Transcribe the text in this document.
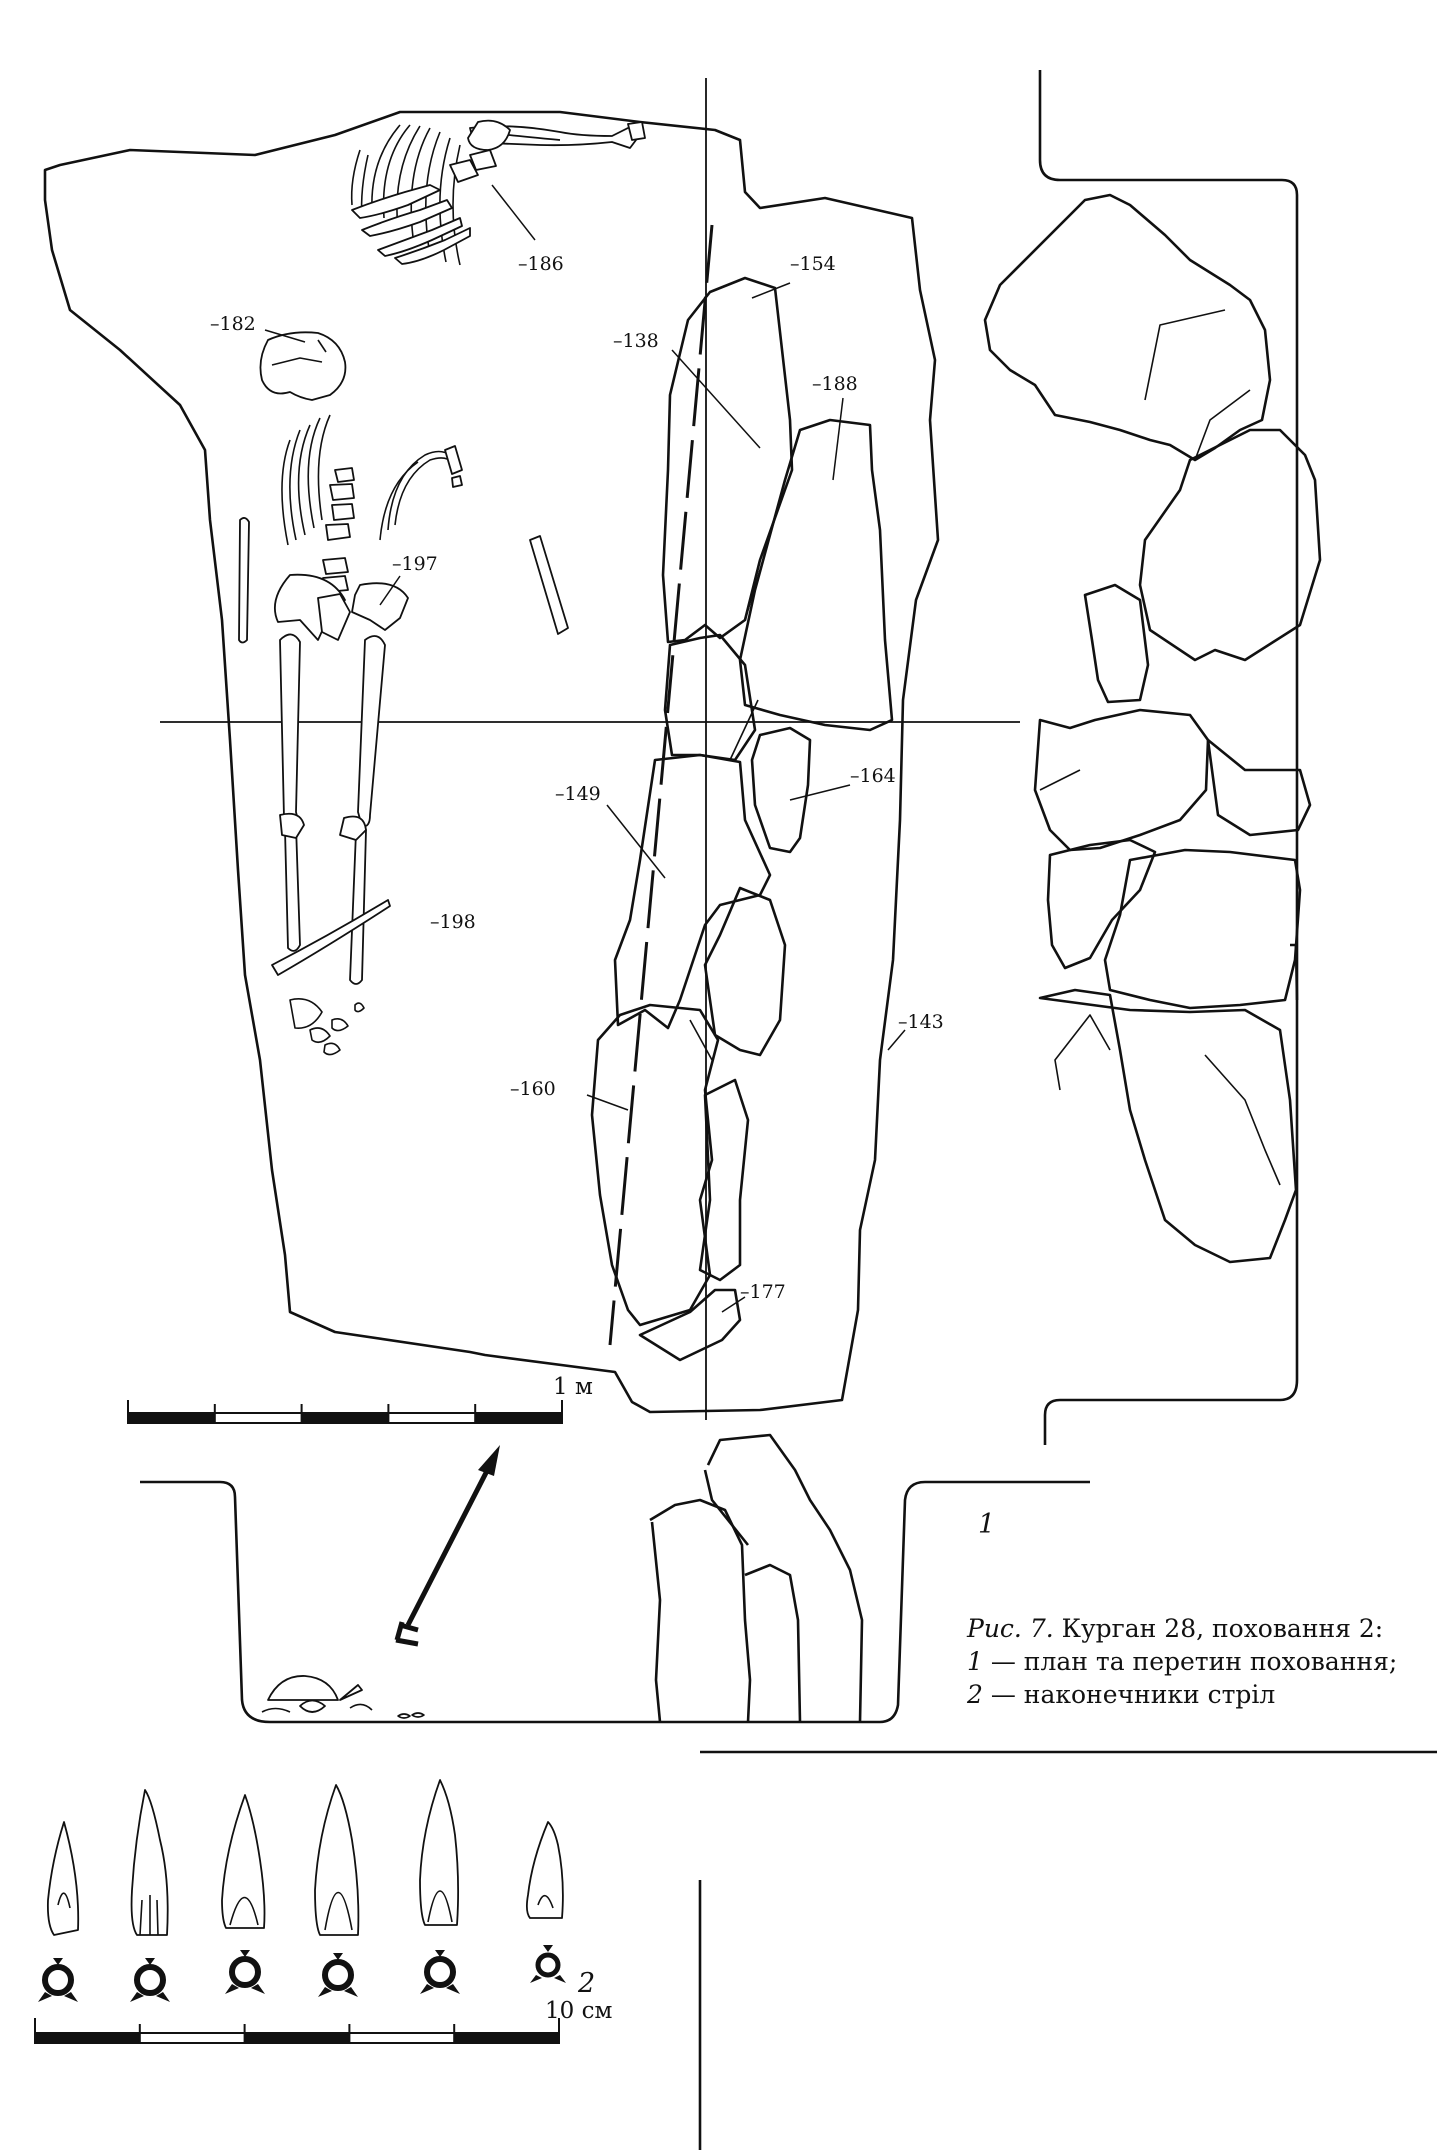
–186
–182
–154
–138
–188
–197
–149
–164
–198
–143
–160
–177
1 м
1
Рис. 7. Курган 28, поховання 2:
1 — план та перетин поховання;
2 — наконечники стріл
2
10 см
